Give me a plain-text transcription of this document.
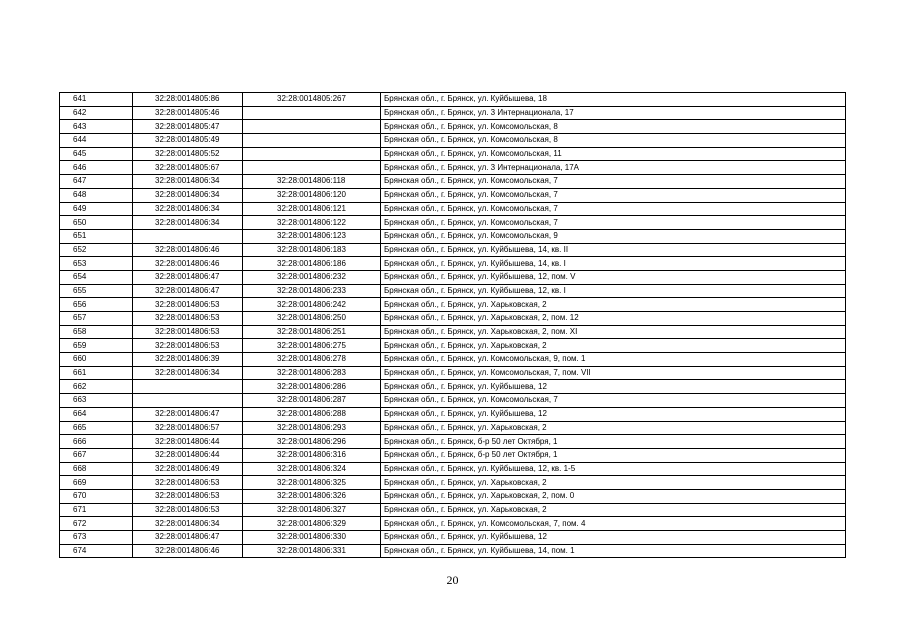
641	32:28:0014805:86	32:28:0014805:267	Брянская обл., г. Брянск, ул. Куйбышева, 18
642	32:28:0014805:46		Брянская обл., г. Брянск, ул. 3 Интернационала, 17
643	32:28:0014805:47		Брянская обл., г. Брянск, ул. Комсомольская, 8
644	32:28:0014805:49		Брянская обл., г. Брянск, ул. Комсомольская, 8
645	32:28:0014805:52		Брянская обл., г. Брянск, ул. Комсомольская, 11
646	32:28:0014805:67		Брянская обл., г. Брянск, ул. 3 Интернационала, 17А
647	32:28:0014806:34	32:28:0014806:118	Брянская обл., г. Брянск, ул. Комсомольская, 7
648	32:28:0014806:34	32:28:0014806:120	Брянская обл., г. Брянск, ул. Комсомольская, 7
649	32:28:0014806:34	32:28:0014806:121	Брянская обл., г. Брянск, ул. Комсомольская, 7
650	32:28:0014806:34	32:28:0014806:122	Брянская обл., г. Брянск, ул. Комсомольская, 7
651		32:28:0014806:123	Брянская обл., г. Брянск, ул. Комсомольская, 9
652	32:28:0014806:46	32:28:0014806:183	Брянская обл., г. Брянск, ул. Куйбышева, 14, кв. II
653	32:28:0014806:46	32:28:0014806:186	Брянская обл., г. Брянск, ул. Куйбышева, 14, кв. I
654	32:28:0014806:47	32:28:0014806:232	Брянская обл., г. Брянск, ул. Куйбышева, 12, пом. V
655	32:28:0014806:47	32:28:0014806:233	Брянская обл., г. Брянск, ул. Куйбышева, 12, кв. I
656	32:28:0014806:53	32:28:0014806:242	Брянская обл., г. Брянск, ул. Харьковская, 2
657	32:28:0014806:53	32:28:0014806:250	Брянская обл., г. Брянск, ул. Харьковская, 2, пом. 12
658	32:28:0014806:53	32:28:0014806:251	Брянская обл., г. Брянск, ул. Харьковская, 2, пом. XI
659	32:28:0014806:53	32:28:0014806:275	Брянская обл., г. Брянск, ул. Харьковская, 2
660	32:28:0014806:39	32:28:0014806:278	Брянская обл., г. Брянск, ул. Комсомольская, 9, пом. 1
661	32:28:0014806:34	32:28:0014806:283	Брянская обл., г. Брянск, ул. Комсомольская, 7, пом. VII
662		32:28:0014806:286	Брянская обл., г. Брянск, ул. Куйбышева, 12
663		32:28:0014806:287	Брянская обл., г. Брянск, ул. Комсомольская, 7
664	32:28:0014806:47	32:28:0014806:288	Брянская обл., г. Брянск, ул. Куйбышева, 12
665	32:28:0014806:57	32:28:0014806:293	Брянская обл., г. Брянск, ул. Харьковская, 2
666	32:28:0014806:44	32:28:0014806:296	Брянская обл., г. Брянск, б-р 50 лет Октября, 1
667	32:28:0014806:44	32:28:0014806:316	Брянская обл., г. Брянск, б-р 50 лет Октября, 1
668	32:28:0014806:49	32:28:0014806:324	Брянская обл., г. Брянск, ул. Куйбышева, 12, кв. 1-5
669	32:28:0014806:53	32:28:0014806:325	Брянская обл., г. Брянск, ул. Харьковская, 2
670	32:28:0014806:53	32:28:0014806:326	Брянская обл., г. Брянск, ул. Харьковская, 2, пом. 0
671	32:28:0014806:53	32:28:0014806:327	Брянская обл., г. Брянск, ул. Харьковская, 2
672	32:28:0014806:34	32:28:0014806:329	Брянская обл., г. Брянск, ул. Комсомольская, 7, пом. 4
673	32:28:0014806:47	32:28:0014806:330	Брянская обл., г. Брянск, ул. Куйбышева, 12
674	32:28:0014806:46	32:28:0014806:331	Брянская обл., г. Брянск, ул. Куйбышева, 14, пом. 1
20
